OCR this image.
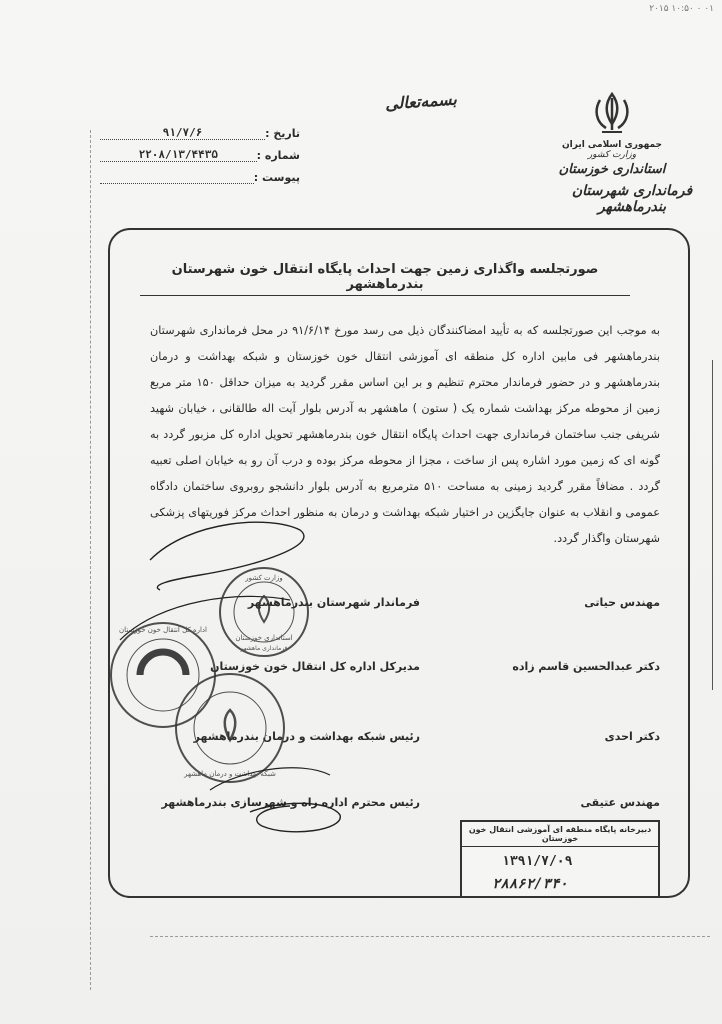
۲۰۱۵ ۱۰:۵۰ ۰ ۰۱
بسمه‌تعالی
جمهوری اسلامی ایران
وزارت کشور
استانداری خوزستان
فرمانداری شهرستان بندرماهشهر
تاریخ :
۹۱/۷/۶
شماره :
۲۲۰۸/۱۳/۴۴۳۵
پیوست :
صورتجلسه واگذاری زمین جهت احداث پایگاه انتقال خون شهرستان بندرماهشهر
به موجب این صورتجلسه که به تأیید امضاکنندگان ذیل می رسد مورخ ۹۱/۶/۱۴ در محل فرمانداری شهرستان بندرماهشهر فی مابین اداره کل منطقه ای آموزشی انتقال خون خوزستان و شبکه بهداشت و درمان بندرماهشهر و در حضور فرماندار محترم تنظیم و بر این اساس مقرر گردید به میزان حداقل ۱۵۰ متر مربع زمین از محوطه مرکز بهداشت شماره یک ( ستون ) ماهشهر به آدرس بلوار آیت اله طالقانی ، خیابان شهید شریفی جنب ساختمان فرمانداری جهت احداث پایگاه انتقال خون بندرماهشهر تحویل اداره کل مزبور گردد به گونه ای که زمین مورد اشاره پس از ساخت ، مجزا از محوطه مرکز بوده و درب آن رو به خیابان اصلی تعبیه گردد . مضافاً مقرر گردید زمینی به مساحت ۵۱۰ مترمربع به آدرس بلوار دانشجو روبروی ساختمان دادگاه عمومی و انقلاب به عنوان جایگزین در اختیار شبکه بهداشت و درمان به منظور احداث مرکز فوریتهای پزشکی شهرستان واگذار گردد.
مهندس حیاتی
فرماندار شهرستان بندرماهشهر
دکتر عبدالحسین قاسم زاده
مدیرکل اداره کل انتقال خون خوزستان
دکتر احدی
رئیس شبکه بهداشت و درمان بندرماهشهر
مهندس عتیقی
رئیس محترم اداره راه و شهرسازی بندرماهشهر
وزارت کشور
استانداری خوزستان
فرمانداری ماهشهر
اداره کل انتقال خون خوزستان
شبکه بهداشت و درمان ماهشهر
دبیرخانه پایگاه منطقه ای آموزشی انتقال خون خوزستان
۱۳۹۱/۷/۰۹
۲۸۸۶۲/۳۴۰
